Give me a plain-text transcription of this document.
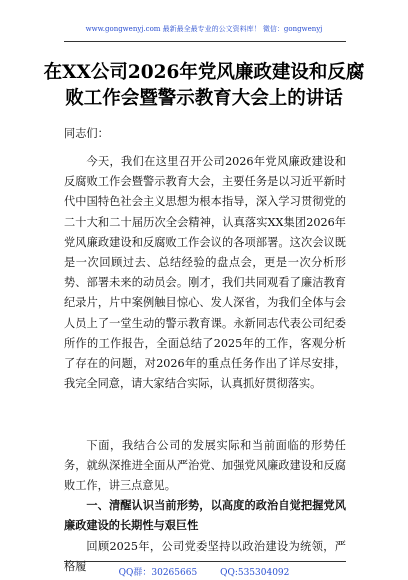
www.gongwenyj.com 最新最全最专业的公文资料库！ 微信：gongwenyj
在XX公司2026年党风廉政建设和反腐
败工作会暨警示教育大会上的讲话
同志们：
今天，我们在这里召开公司2026年党风廉政建设和反腐败工作会暨警示教育大会，主要任务是以习近平新时代中国特色社会主义思想为根本指导，深入学习贯彻党的二十大和二十届历次全会精神，认真落实XX集团2026年党风廉政建设和反腐败工作会议的各项部署。这次会议既是一次回顾过去、总结经验的盘点会，更是一次分析形势、部署未来的动员会。刚才，我们共同观看了廉洁教育纪录片，片中案例触目惊心、发人深省，为我们全体与会人员上了一堂生动的警示教育课。永新同志代表公司纪委所作的工作报告，全面总结了2025年的工作，客观分析了存在的问题，对2026年的重点任务作出了详尽安排，我完全同意，请大家结合实际，认真抓好贯彻落实。
下面，我结合公司的发展实际和当前面临的形势任务，就纵深推进全面从严治党、加强党风廉政建设和反腐败工作，讲三点意见。
一、清醒认识当前形势，以高度的政治自觉把握党风廉政建设的长期性与艰巨性
回顾2025年，公司党委坚持以政治建设为统领，严格履	QQ群：30265665	QQ:535304092
